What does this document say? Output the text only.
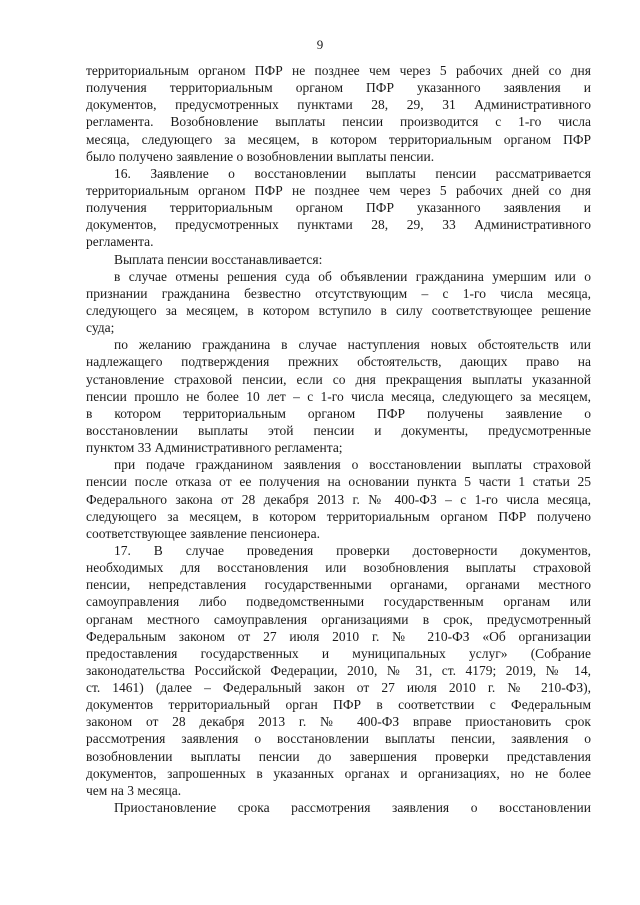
9
территориальным органом ПФР не позднее чем через 5 рабочих дней со дня
получения территориальным органом ПФР указанного заявления и
документов, предусмотренных пунктами 28, 29, 31 Административного
регламента. Возобновление выплаты пенсии производится с 1-го числа
месяца, следующего за месяцем, в котором территориальным органом ПФР
было получено заявление о возобновлении выплаты пенсии.
16. Заявление о восстановлении выплаты пенсии рассматривается
территориальным органом ПФР не позднее чем через 5 рабочих дней со дня
получения территориальным органом ПФР указанного заявления и
документов, предусмотренных пунктами 28, 29, 33 Административного
регламента.
Выплата пенсии восстанавливается:
в случае отмены решения суда об объявлении гражданина умершим или о
признании гражданина безвестно отсутствующим – с 1-го числа месяца,
следующего за месяцем, в котором вступило в силу соответствующее решение
суда;
по желанию гражданина в случае наступления новых обстоятельств или
надлежащего подтверждения прежних обстоятельств, дающих право на
установление страховой пенсии, если со дня прекращения выплаты указанной
пенсии прошло не более 10 лет – с 1-го числа месяца, следующего за месяцем,
в котором территориальным органом ПФР получены заявление о
восстановлении выплаты этой пенсии и документы, предусмотренные
пунктом 33 Административного регламента;
при подаче гражданином заявления о восстановлении выплаты страховой
пенсии после отказа от ее получения на основании пункта 5 части 1 статьи 25
Федерального закона от 28 декабря 2013 г. № 400-ФЗ – с 1-го числа месяца,
следующего за месяцем, в котором территориальным органом ПФР получено
соответствующее заявление пенсионера.
17. В случае проведения проверки достоверности документов,
необходимых для восстановления или возобновления выплаты страховой
пенсии, непредставления государственными органами, органами местного
самоуправления либо подведомственными государственным органам или
органам местного самоуправления организациями в срок, предусмотренный
Федеральным законом от 27 июля 2010 г. № 210-ФЗ «Об организации
предоставления государственных и муниципальных услуг» (Собрание
законодательства Российской Федерации, 2010, № 31, ст. 4179; 2019, № 14,
ст. 1461) (далее – Федеральный закон от 27 июля 2010 г. № 210-ФЗ),
документов территориальный орган ПФР в соответствии с Федеральным
законом от 28 декабря 2013 г. № 400-ФЗ вправе приостановить срок
рассмотрения заявления о восстановлении выплаты пенсии, заявления о
возобновлении выплаты пенсии до завершения проверки представления
документов, запрошенных в указанных органах и организациях, но не более
чем на 3 месяца.
Приостановление срока рассмотрения заявления о восстановлении
